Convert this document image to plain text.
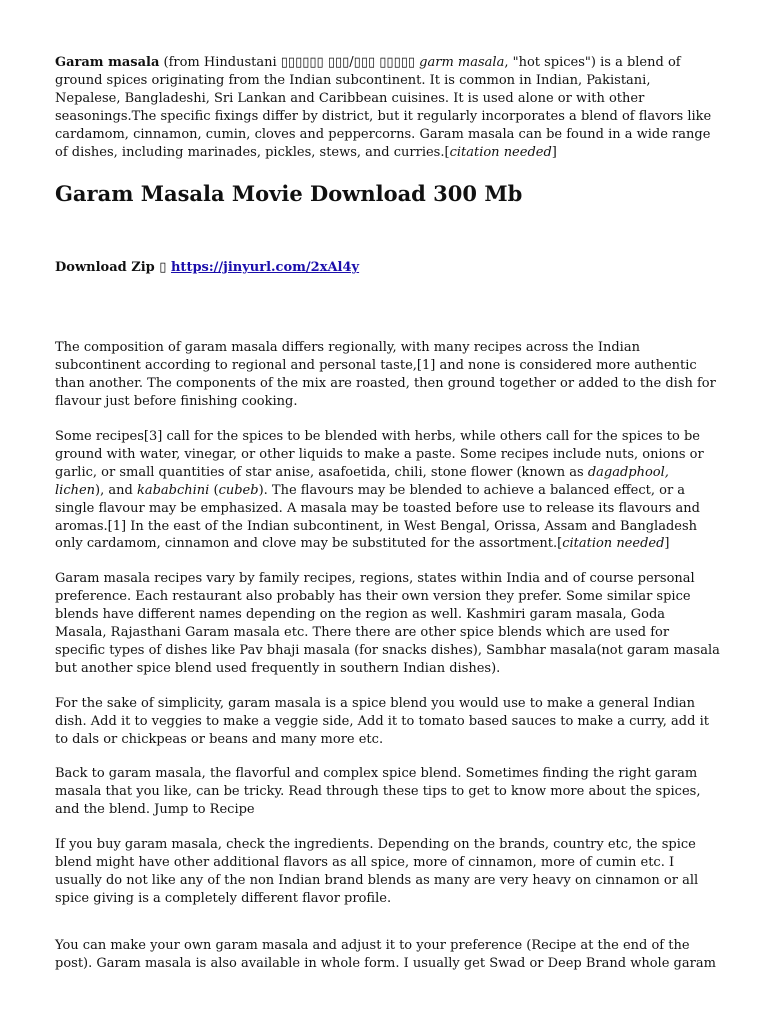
Garam masala (from Hindustani ▯▯▯▯▯▯ ▯▯▯/▯▯▯ ▯▯▯▯▯ garm masala, "hot spices") is a blend of ground spices originating from the Indian subcontinent. It is common in Indian, Pakistani, Nepalese, Bangladeshi, Sri Lankan and Caribbean cuisines. It is used alone or with other seasonings.The specific fixings differ by district, but it regularly incorporates a blend of flavors like cardamom, cinnamon, cumin, cloves and peppercorns. Garam masala can be found in a wide range of dishes, including marinades, pickles, stews, and curries.[citation needed]

Garam Masala Movie Download 300 Mb

Download Zip ▯ https://jinyurl.com/2xAl4y

The composition of garam masala differs regionally, with many recipes across the Indian subcontinent according to regional and personal taste,[1] and none is considered more authentic than another. The components of the mix are roasted, then ground together or added to the dish for flavour just before finishing cooking.

Some recipes[3] call for the spices to be blended with herbs, while others call for the spices to be ground with water, vinegar, or other liquids to make a paste. Some recipes include nuts, onions or garlic, or small quantities of star anise, asafoetida, chili, stone flower (known as dagadphool, lichen), and kababchini (cubeb). The flavours may be blended to achieve a balanced effect, or a single flavour may be emphasized. A masala may be toasted before use to release its flavours and aromas.[1] In the east of the Indian subcontinent, in West Bengal, Orissa, Assam and Bangladesh only cardamom, cinnamon and clove may be substituted for the assortment.[citation needed]

Garam masala recipes vary by family recipes, regions, states within India and of course personal preference. Each restaurant also probably has their own version they prefer. Some similar spice blends have different names depending on the region as well. Kashmiri garam masala, Goda Masala, Rajasthani Garam masala etc. There there are other spice blends which are used for specific types of dishes like Pav bhaji masala (for snacks dishes), Sambhar masala(not garam masala but another spice blend used frequently in southern Indian dishes).

For the sake of simplicity, garam masala is a spice blend you would use to make a general Indian dish. Add it to veggies to make a veggie side, Add it to tomato based sauces to make a curry, add it to dals or chickpeas or beans and many more etc.

Back to garam masala, the flavorful and complex spice blend. Sometimes finding the right garam masala that you like, can be tricky. Read through these tips to get to know more about the spices, and the blend. Jump to Recipe

If you buy garam masala, check the ingredients. Depending on the brands, country etc, the spice blend might have other additional flavors as all spice, more of cinnamon, more of cumin etc. I usually do not like any of the non Indian brand blends as many are very heavy on cinnamon or all spice giving is a completely different flavor profile.

You can make your own garam masala and adjust it to your preference (Recipe at the end of the post). Garam masala is also available in whole form. I usually get Swad or Deep Brand whole garam
